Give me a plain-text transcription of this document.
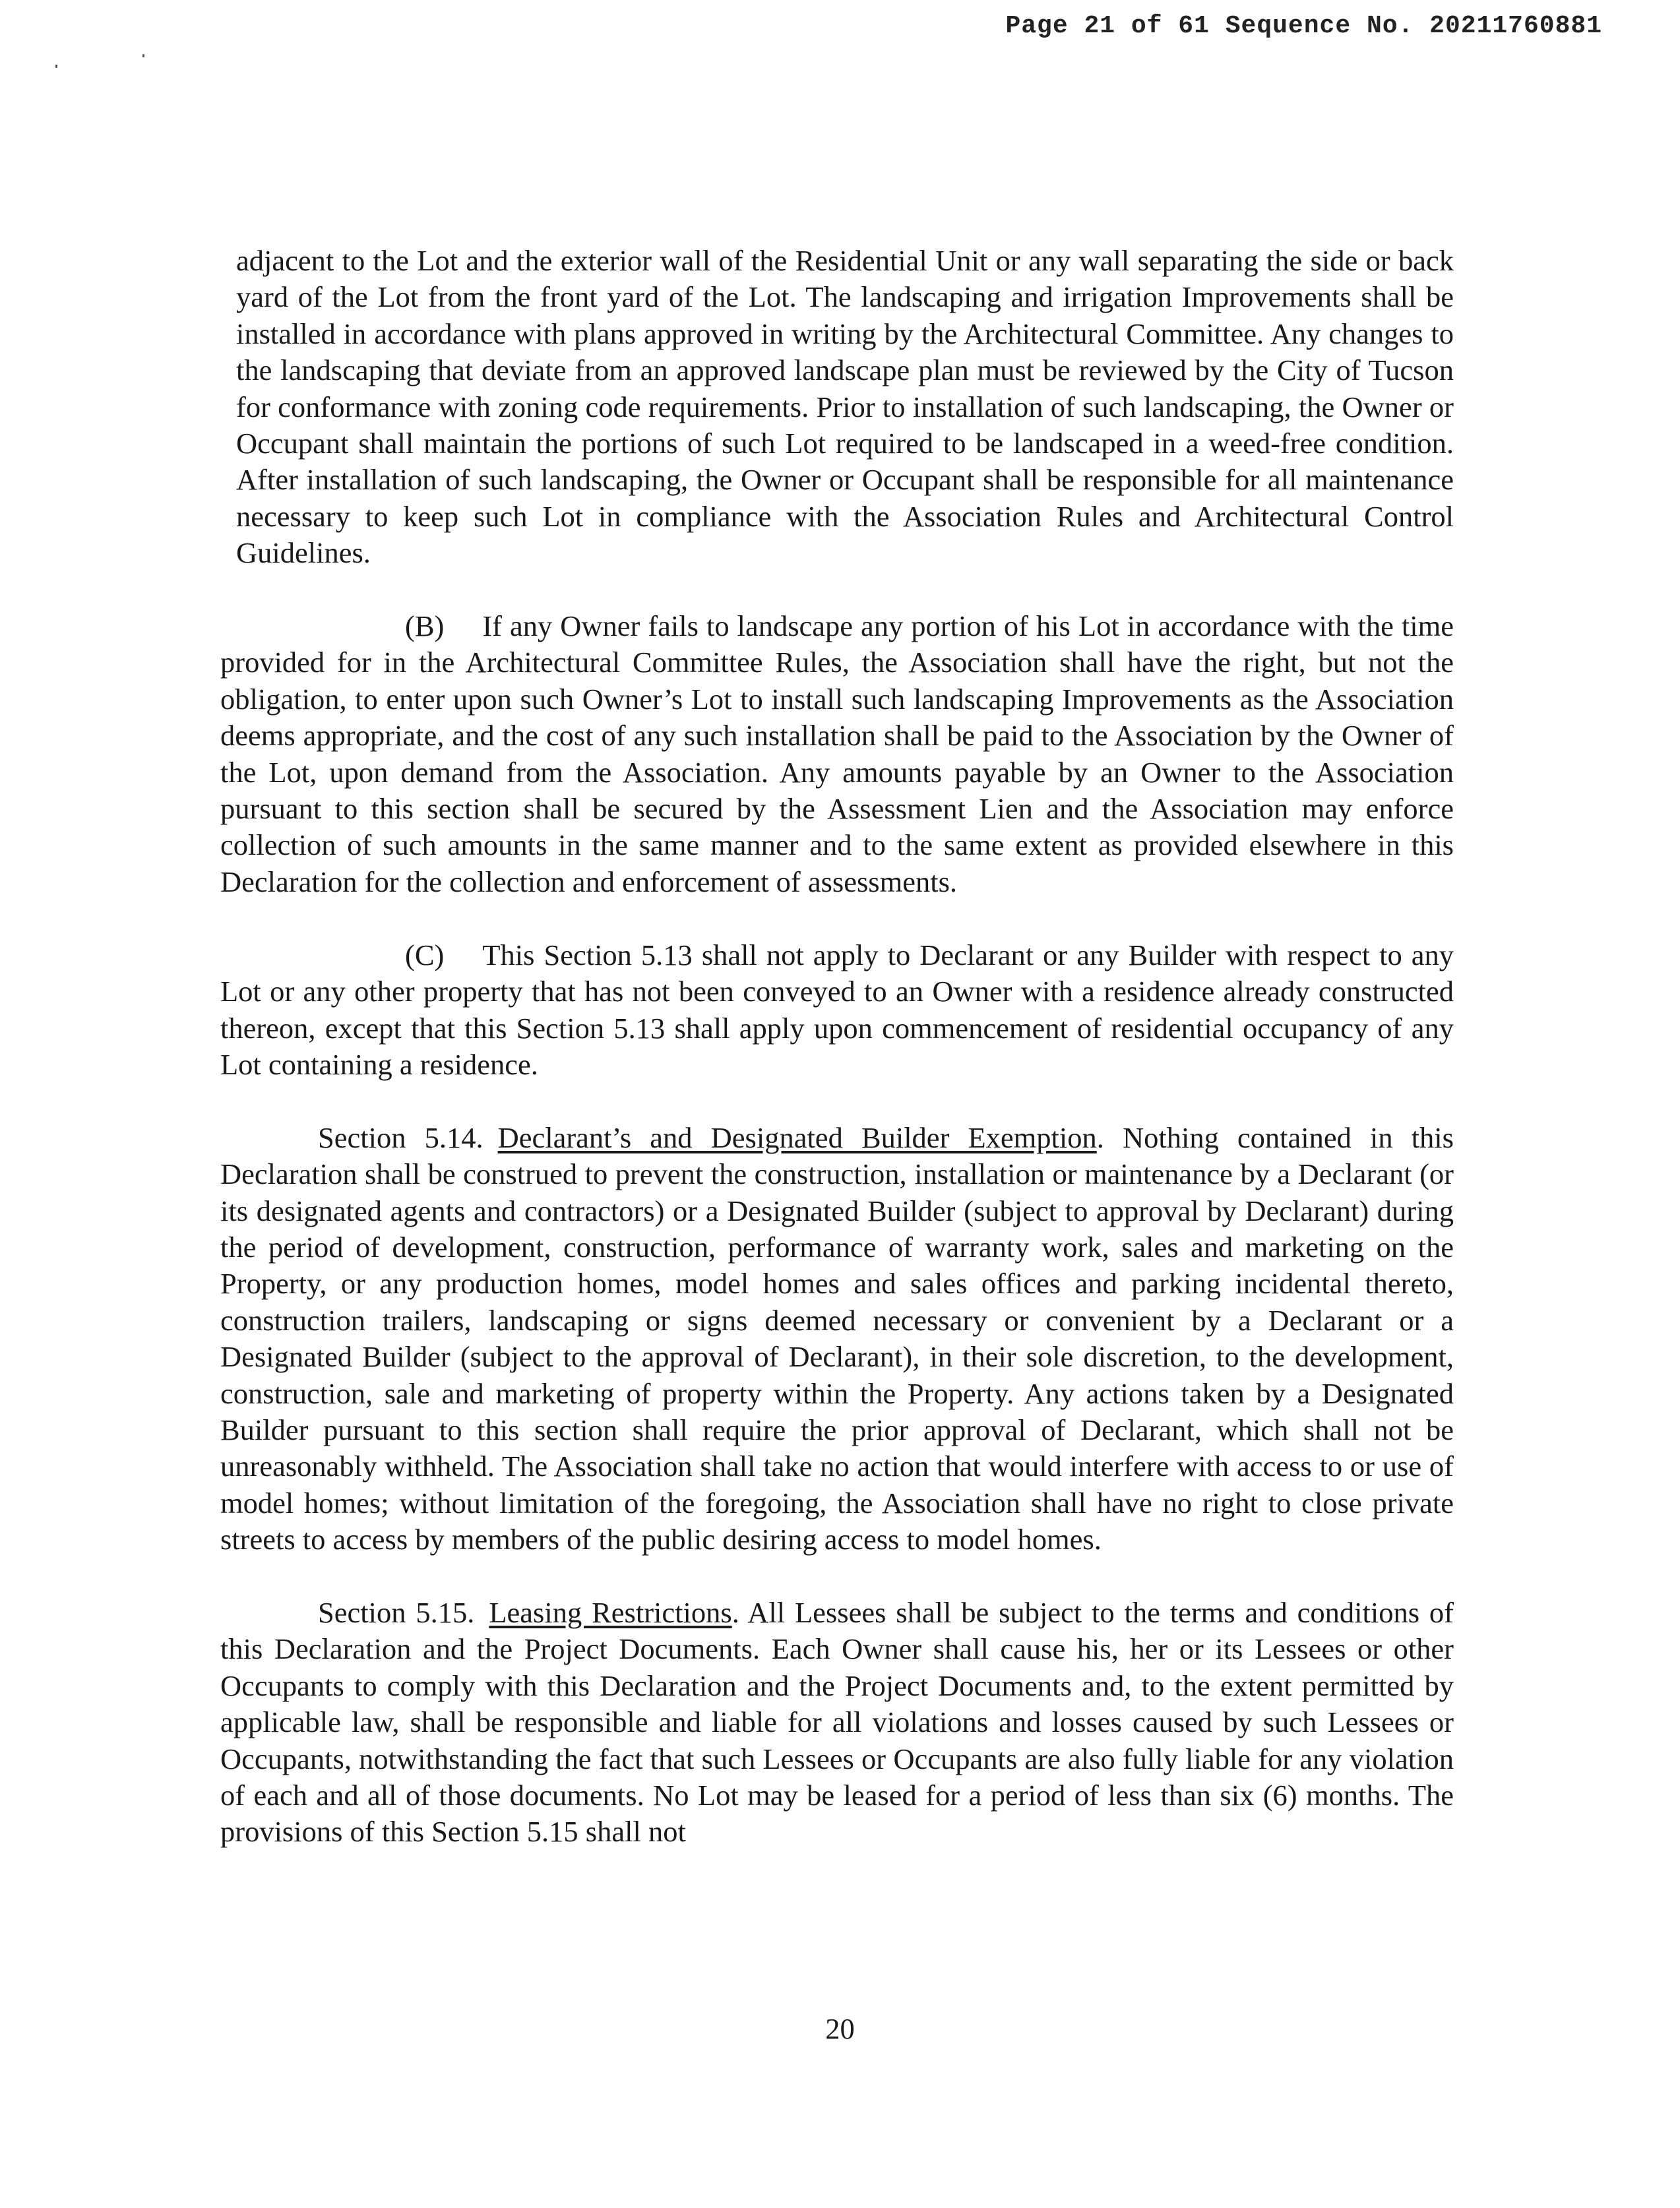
Page 21 of 61 Sequence No. 20211760881

adjacent to the Lot and the exterior wall of the Residential Unit or any wall separating the side or back yard of the Lot from the front yard of the Lot. The landscaping and irrigation Improvements shall be installed in accordance with plans approved in writing by the Architectural Committee. Any changes to the landscaping that deviate from an approved landscape plan must be reviewed by the City of Tucson for conformance with zoning code requirements. Prior to installation of such landscaping, the Owner or Occupant shall maintain the portions of such Lot required to be landscaped in a weed-free condition. After installation of such landscaping, the Owner or Occupant shall be responsible for all maintenance necessary to keep such Lot in compliance with the Association Rules and Architectural Control Guidelines.

(B) If any Owner fails to landscape any portion of his Lot in accordance with the time provided for in the Architectural Committee Rules, the Association shall have the right, but not the obligation, to enter upon such Owner’s Lot to install such landscaping Improvements as the Association deems appropriate, and the cost of any such installation shall be paid to the Association by the Owner of the Lot, upon demand from the Association. Any amounts payable by an Owner to the Association pursuant to this section shall be secured by the Assessment Lien and the Association may enforce collection of such amounts in the same manner and to the same extent as provided elsewhere in this Declaration for the collection and enforcement of assessments.

(C) This Section 5.13 shall not apply to Declarant or any Builder with respect to any Lot or any other property that has not been conveyed to an Owner with a residence already constructed thereon, except that this Section 5.13 shall apply upon commencement of residential occupancy of any Lot containing a residence.

Section 5.14. Declarant’s and Designated Builder Exemption. Nothing contained in this Declaration shall be construed to prevent the construction, installation or maintenance by a Declarant (or its designated agents and contractors) or a Designated Builder (subject to approval by Declarant) during the period of development, construction, performance of warranty work, sales and marketing on the Property, or any production homes, model homes and sales offices and parking incidental thereto, construction trailers, landscaping or signs deemed necessary or convenient by a Declarant or a Designated Builder (subject to the approval of Declarant), in their sole discretion, to the development, construction, sale and marketing of property within the Property. Any actions taken by a Designated Builder pursuant to this section shall require the prior approval of Declarant, which shall not be unreasonably withheld. The Association shall take no action that would interfere with access to or use of model homes; without limitation of the foregoing, the Association shall have no right to close private streets to access by members of the public desiring access to model homes.

Section 5.15. Leasing Restrictions. All Lessees shall be subject to the terms and conditions of this Declaration and the Project Documents. Each Owner shall cause his, her or its Lessees or other Occupants to comply with this Declaration and the Project Documents and, to the extent permitted by applicable law, shall be responsible and liable for all violations and losses caused by such Lessees or Occupants, notwithstanding the fact that such Lessees or Occupants are also fully liable for any violation of each and all of those documents. No Lot may be leased for a period of less than six (6) months. The provisions of this Section 5.15 shall not

20
